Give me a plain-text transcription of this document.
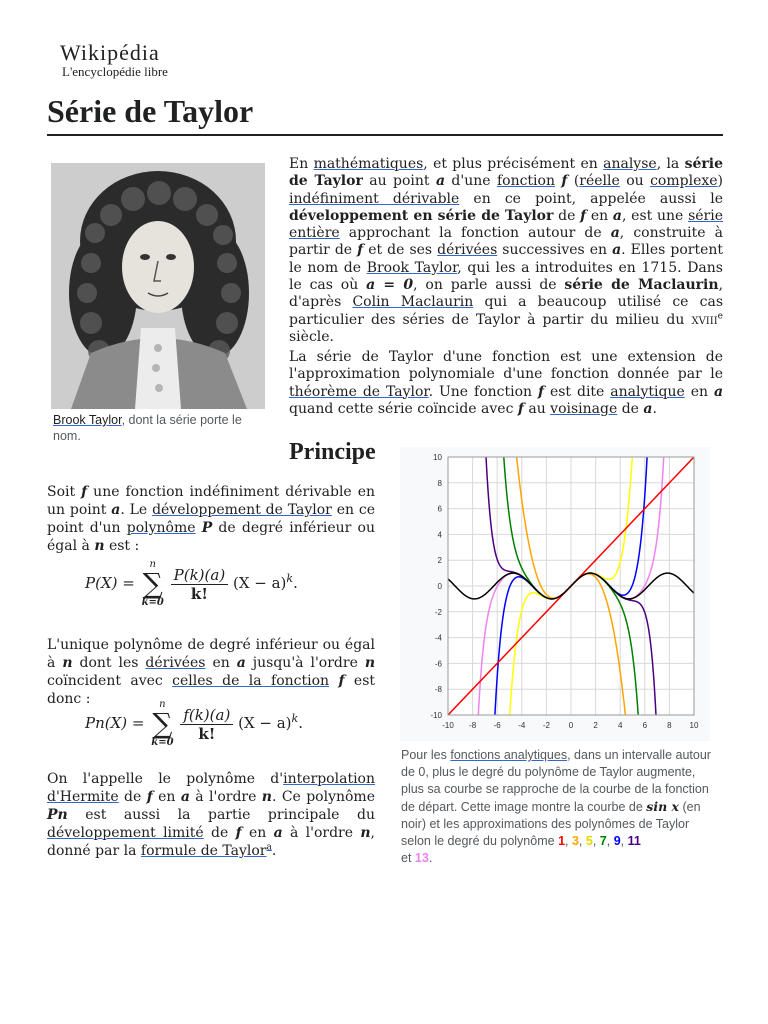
Wikipédia
L'encyclopédie libre
Série de Taylor
Brook Taylor, dont la série porte le nom.

En mathématiques, et plus précisément en analyse, la série de Taylor au point a d'une fonction f (réelle ou complexe) indéfiniment dérivable en ce point, appelée aussi le développement en série de Taylor de f en a, est une série entière approchant la fonction autour de a, construite à partir de f et de ses dérivées successives en a. Elles portent le nom de Brook Taylor, qui les a introduites en 1715. Dans le cas où a = 0, on parle aussi de série de Maclaurin, d'après Colin Maclaurin qui a beaucoup utilisé ce cas particulier des séries de Taylor à partir du milieu du xviii$^e$ siècle.

La série de Taylor d'une fonction est une extension de l'approximation polynomiale d'une fonction donnée par le théorème de Taylor. Une fonction f est dite analytique en a quand cette série coïncide avec f au voisinage de a.

Principe

Soit f une fonction indéfiniment dérivable en un point a. Le développement de Taylor en ce point d'un polynôme P de degré inférieur ou égal à n est :

P(X) =
n
∑
k=0
$\frac{P(k)(a)}{k!} (X - a)^k$.

L'unique polynôme de degré inférieur ou égal à n dont les dérivées en a jusqu'à l'ordre n coïncident avec celles de la fonction f est donc :

Pn(X) =
n
∑
k=0
$\frac{f(k)(a)}{k!} (X - a)^k$.

On l'appelle le polynôme d'interpolation d'Hermite de f en a à l'ordre n. Ce polynôme Pn est aussi la partie principale du développement limité de f en a à l'ordre n, donné par la formule de Taylor$^a$.

-10 -8 -6 -4 -2 0	2	4	6	8 10
-10
-8
-6
-4
-2
0
2
4
6
8
10
Pour les fonctions analytiques, dans un intervalle autour de 0, plus le degré du polynôme de Taylor augmente, plus sa courbe se rapproche de la courbe de la fonction de départ. Cette image montre la courbe de sin x (en noir) et les approximations des polynômes de Taylor selon le degré du polynôme 1, 3, 5, 7, 9, 11
et 13.
